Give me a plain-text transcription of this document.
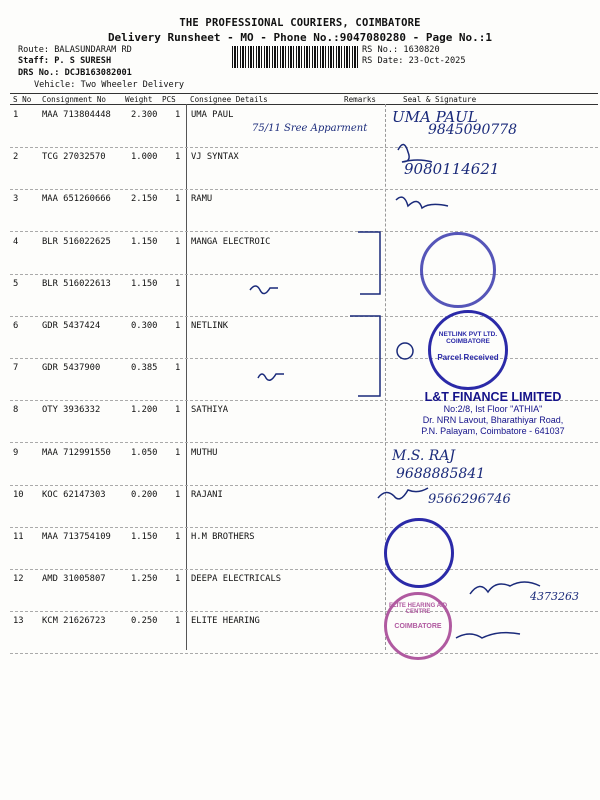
THE PROFESSIONAL COURIERS, COIMBATORE
Delivery Runsheet - MO - Phone No.:9047080280 - Page No.:1
Route: BALASUNDARAM RD
Staff: P. S SURESH
DRS No.: DCJB163082001
Vehicle: Two Wheeler Delivery
RS No.: 1630820
RS Date: 23-Oct-2025
S No Consignment No Weight PCS Consignee Details	Remarks	Seal & Signature
1	MAA 713804448 2.300 1 UMA PAUL
2	TCG 27032570	1.000 1 VJ SYNTAX
3	MAA 651260666 2.150 1 RAMU
4	BLR 516022625 1.150 1 MANGA ELECTROIC
5	BLR 516022613 1.150 1
6	GDR 5437424	0.300 1 NETLINK
7	GDR 5437900	0.385 1
8	OTY 3936332	1.200 1 SATHIYA
9	MAA 712991550 1.050 1 MUTHU
10 KOC 62147303	0.200 1 RAJANI
11 MAA 713754109 1.150 1 H.M BROTHERS
12 AMD 31005807	1.250 1 DEEPA ELECTRICALS
13 KCM 21626723	0.250 1 ELITE HEARING
75/11 Sree Apparment
UMA PAUL
9845090778
9080114621
M.S. RAJ
9688885841
9566296746
4373263
NETLINK PVT LTD. COIMBATORE
Parcel Received
L&T FINANCE LIMITED
No:2/8, Ist Floor "ATHIA"
Dr. NRN Lavout, Bharathiyar Road,
P.N. Palayam, Coimbatore - 641037
ELITE HEARING AID CENTRE
COIMBATORE
